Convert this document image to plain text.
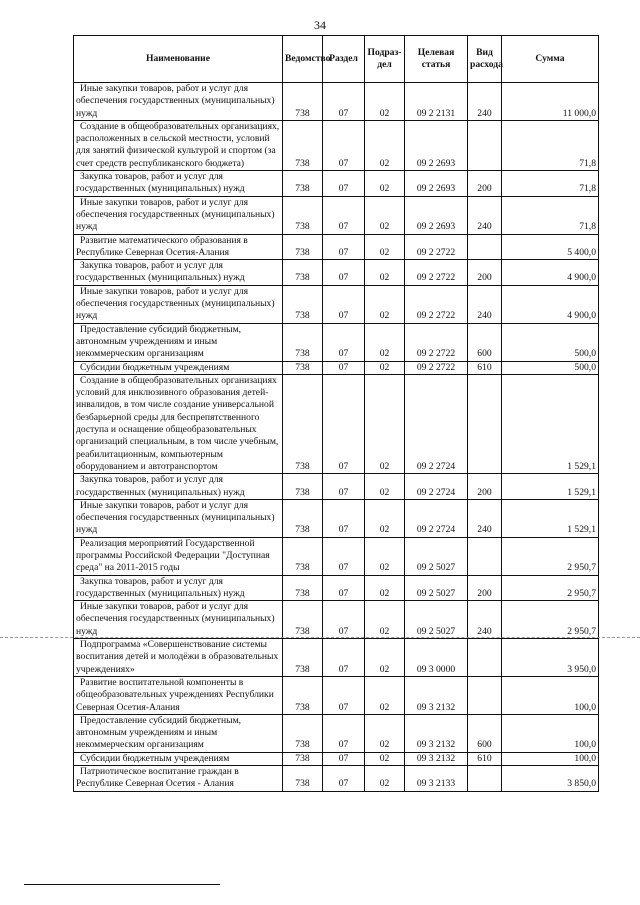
34
Наименование	Ведомство	Раздел	Подраз-дел	Целевая статья	Вид расхода	Сумма

Иные закупки товаров, работ и услуг для обеспечения государственных (муниципальных) нужд	738	07	02	09 2 2131	240	11 000,0

Создание в общеобразовательных организациях, расположенных в сельской местности, условий для занятий физической культурой и спортом (за счет средств республиканского бюджета)	738	07	02	09 2 2693		71,8

Закупка товаров, работ и услуг для государственных (муниципальных) нужд	738	07	02	09 2 2693	200	71,8

Иные закупки товаров, работ и услуг для обеспечения государственных (муниципальных) нужд	738	07	02	09 2 2693	240	71,8

Развитие математического образования в Республике Северная Осетия-Алания	738	07	02	09 2 2722		5 400,0

Закупка товаров, работ и услуг для государственных (муниципальных) нужд	738	07	02	09 2 2722	200	4 900,0

Иные закупки товаров, работ и услуг для обеспечения государственных (муниципальных) нужд	738	07	02	09 2 2722	240	4 900,0

Предоставление субсидий бюджетным, автономным учреждениям и иным некоммерческим организациям	738	07	02	09 2 2722	600	500,0

Субсидии бюджетным учреждениям	738	07	02	09 2 2722	610	500,0

Создание в общеобразовательных организациях условий для инклюзивного образования детей-инвалидов, в том числе создание универсальной безбарьерной среды для беспрепятственного доступа и оснащение общеобразовательных организаций специальным, в том числе учебным, реабилитационным, компьютерным оборудованием и автотранспортом	738	07	02	09 2 2724		1 529,1

Закупка товаров, работ и услуг для государственных (муниципальных) нужд	738	07	02	09 2 2724	200	1 529,1

Иные закупки товаров, работ и услуг для обеспечения государственных (муниципальных) нужд	738	07	02	09 2 2724	240	1 529,1

Реализация мероприятий Государственной программы Российской Федерации "Доступная среда" на 2011-2015 годы	738	07	02	09 2 5027		2 950,7

Закупка товаров, работ и услуг для государственных (муниципальных) нужд	738	07	02	09 2 5027	200	2 950,7

Иные закупки товаров, работ и услуг для обеспечения государственных (муниципальных) нужд	738	07	02	09 2 5027	240	2 950,7

Подпрограмма «Совершенствование системы воспитания детей и молодёжи в образовательных учреждениях»	738	07	02	09 3 0000		3 950,0

Развитие воспитательной компоненты в общеобразовательных учреждениях Республики Северная Осетия-Алания	738	07	02	09 3 2132		100,0

Предоставление субсидий бюджетным, автономным учреждениям и иным некоммерческим организациям	738	07	02	09 3 2132	600	100,0

Субсидии бюджетным учреждениям	738	07	02	09 3 2132	610	100,0

Патриотическое воспитание граждан в Республике Северная Осетия - Алания	738	07	02	09 3 2133		3 850,0
